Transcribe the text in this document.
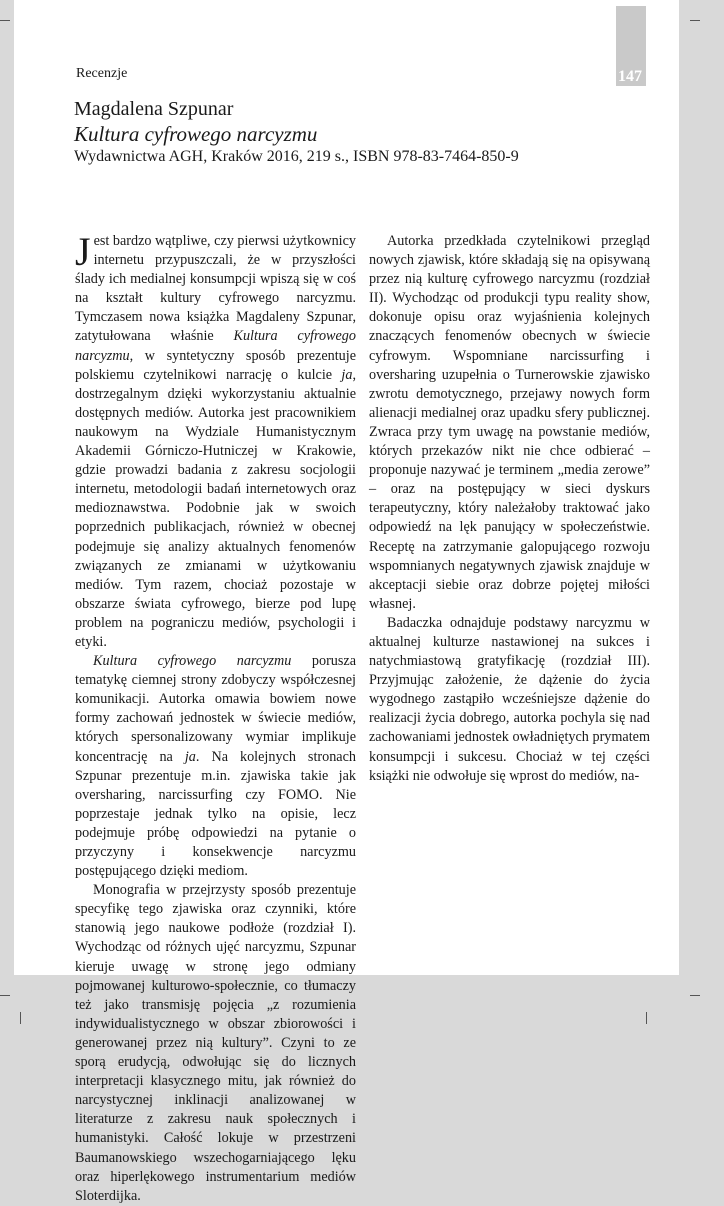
147
Recenzje
Magdalena Szpunar
Kultura cyfrowego narcyzmu
Wydawnictwa AGH, Kraków 2016, 219 s., ISBN 978-83-7464-850-9

Jest bardzo wątpliwe, czy pierwsi użytkownicy internetu przypuszczali, że w przyszłości ślady ich medialnej konsumpcji wpiszą się w coś na kształt kultury cyfrowego narcyzmu. Tymczasem nowa książka Magdaleny Szpunar, zatytułowana właśnie Kultura cyfrowego narcyzmu, w syntetyczny sposób prezentuje polskiemu czytelnikowi narrację o kulcie ja, dostrzegalnym dzięki wykorzystaniu aktualnie dostępnych mediów. Autorka jest pracownikiem naukowym na Wydziale Humanistycznym Akademii Górniczo-Hutniczej w Krakowie, gdzie prowadzi badania z zakresu socjologii internetu, metodologii badań internetowych oraz medioznawstwa. Podobnie jak w swoich poprzednich publikacjach, również w obecnej podejmuje się analizy aktualnych fenomenów związanych ze zmianami w użytkowaniu mediów. Tym razem, chociaż pozostaje w obszarze świata cyfrowego, bierze pod lupę problem na pograniczu mediów, psychologii i etyki.

Kultura cyfrowego narcyzmu porusza tematykę ciemnej strony zdobyczy współczesnej komunikacji. Autorka omawia bowiem nowe formy zachowań jednostek w świecie mediów, których spersonalizowany wymiar implikuje koncentrację na ja. Na kolejnych stronach Szpunar prezentuje m.in. zjawiska takie jak oversharing, narcissurfing czy FOMO. Nie poprzestaje jednak tylko na opisie, lecz podejmuje próbę odpowiedzi na pytanie o przyczyny i konsekwencje narcyzmu postępującego dzięki mediom.

Monografia w przejrzysty sposób prezentuje specyfikę tego zjawiska oraz czynniki, które stanowią jego naukowe podłoże (rozdział I). Wychodząc od różnych ujęć narcyzmu, Szpunar kieruje uwagę w stronę jego odmiany pojmowanej kulturowo-społecznie, co tłumaczy też jako transmisję pojęcia „z rozumienia indywidualistycznego w obszar zbiorowości i generowanej przez nią kultury”. Czyni to ze sporą erudycją, odwołując się do licznych interpretacji klasycznego mitu, jak również do narcystycznej inklinacji analizowanej w literaturze z zakresu nauk społecznych i humanistyki. Całość lokuje w przestrzeni Baumanowskiego wszechogarniającego lęku oraz hiperlękowego instrumentarium mediów Sloterdijka.

Autorka przedkłada czytelnikowi przegląd nowych zjawisk, które składają się na opisywaną przez nią kulturę cyfrowego narcyzmu (rozdział II). Wychodząc od produkcji typu reality show, dokonuje opisu oraz wyjaśnienia kolejnych znaczących fenomenów obecnych w świecie cyfrowym. Wspomniane narcissurfing i oversharing uzupełnia o Turnerowskie zjawisko zwrotu demotycznego, przejawy nowych form alienacji medialnej oraz upadku sfery publicznej. Zwraca przy tym uwagę na powstanie mediów, których przekazów nikt nie chce odbierać – proponuje nazywać je terminem „media zerowe” – oraz na postępujący w sieci dyskurs terapeutyczny, który należałoby traktować jako odpowiedź na lęk panujący w społeczeństwie. Receptę na zatrzymanie galopującego rozwoju wspomnianych negatywnych zjawisk znajduje w akceptacji siebie oraz dobrze pojętej miłości własnej.

Badaczka odnajduje podstawy narcyzmu w aktualnej kulturze nastawionej na sukces i natychmiastową gratyfikację (rozdział III). Przyjmując założenie, że dążenie do życia wygodnego zastąpiło wcześniejsze dążenie do realizacji życia dobrego, autorka pochyla się nad zachowaniami jednostek owładniętych prymatem konsumpcji i sukcesu. Chociaż w tej części książki nie odwołuje się wprost do mediów, na-
